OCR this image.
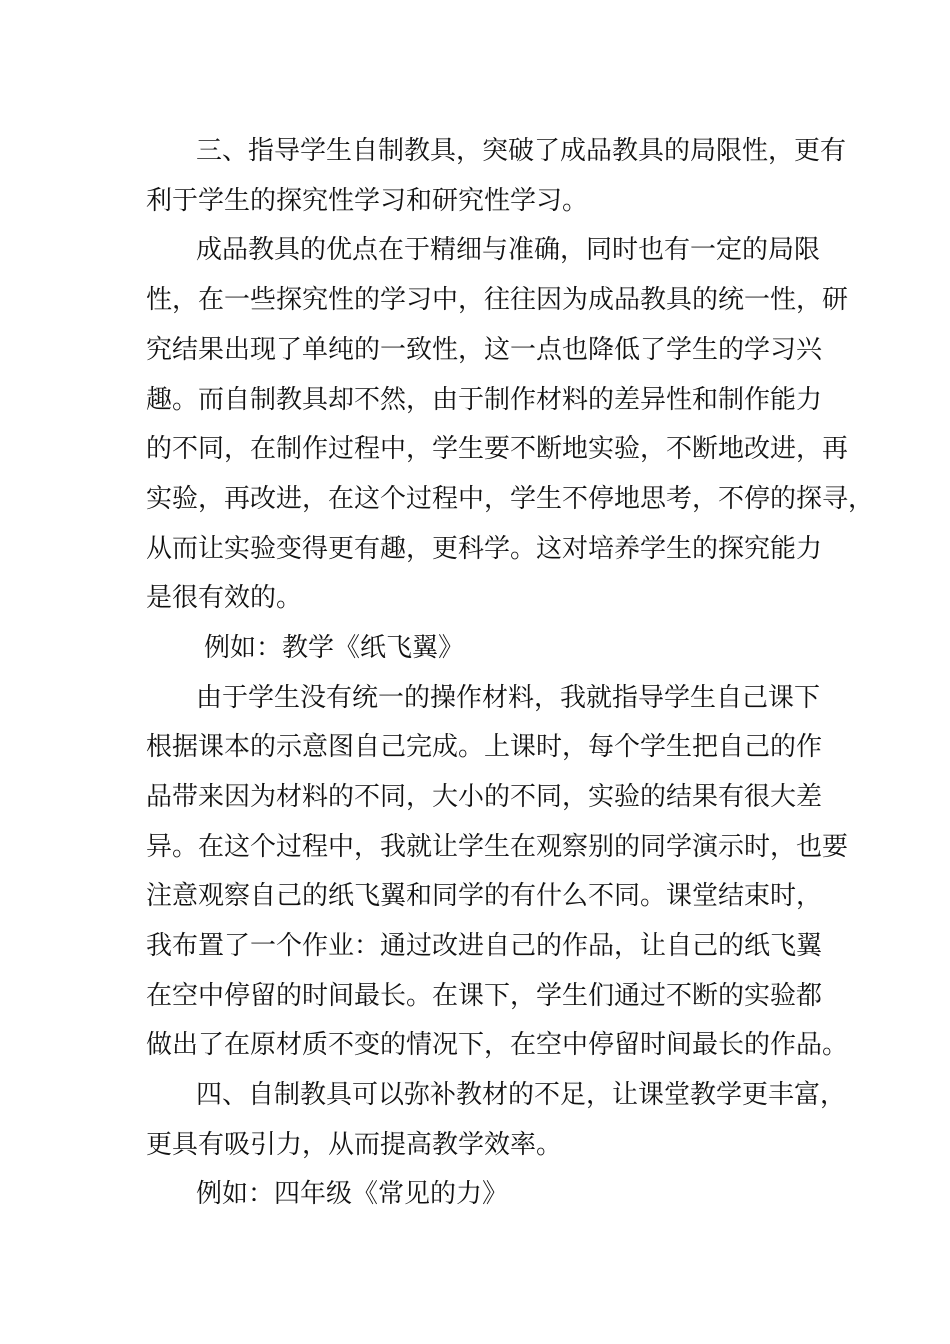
三、指导学生自制教具，突破了成品教具的局限性，更有
利于学生的探究性学习和研究性学习。
成品教具的优点在于精细与准确，同时也有一定的局限
性，在一些探究性的学习中，往往因为成品教具的统一性，研
究结果出现了单纯的一致性，这一点也降低了学生的学习兴
趣。而自制教具却不然，由于制作材料的差异性和制作能力
的不同，在制作过程中，学生要不断地实验，不断地改进，再
实验，再改进，在这个过程中，学生不停地思考，不停的探寻，
从而让实验变得更有趣，更科学。这对培养学生的探究能力
是很有效的。
例如：教学《纸飞翼》
由于学生没有统一的操作材料，我就指导学生自己课下
根据课本的示意图自己完成。上课时，每个学生把自己的作
品带来因为材料的不同，大小的不同，实验的结果有很大差
异。在这个过程中，我就让学生在观察别的同学演示时，也要
注意观察自己的纸飞翼和同学的有什么不同。课堂结束时，
我布置了一个作业：通过改进自己的作品，让自己的纸飞翼
在空中停留的时间最长。在课下，学生们通过不断的实验都
做出了在原材质不变的情况下，在空中停留时间最长的作品。
四、自制教具可以弥补教材的不足，让课堂教学更丰富，
更具有吸引力，从而提高教学效率。
例如：四年级《常见的力》
